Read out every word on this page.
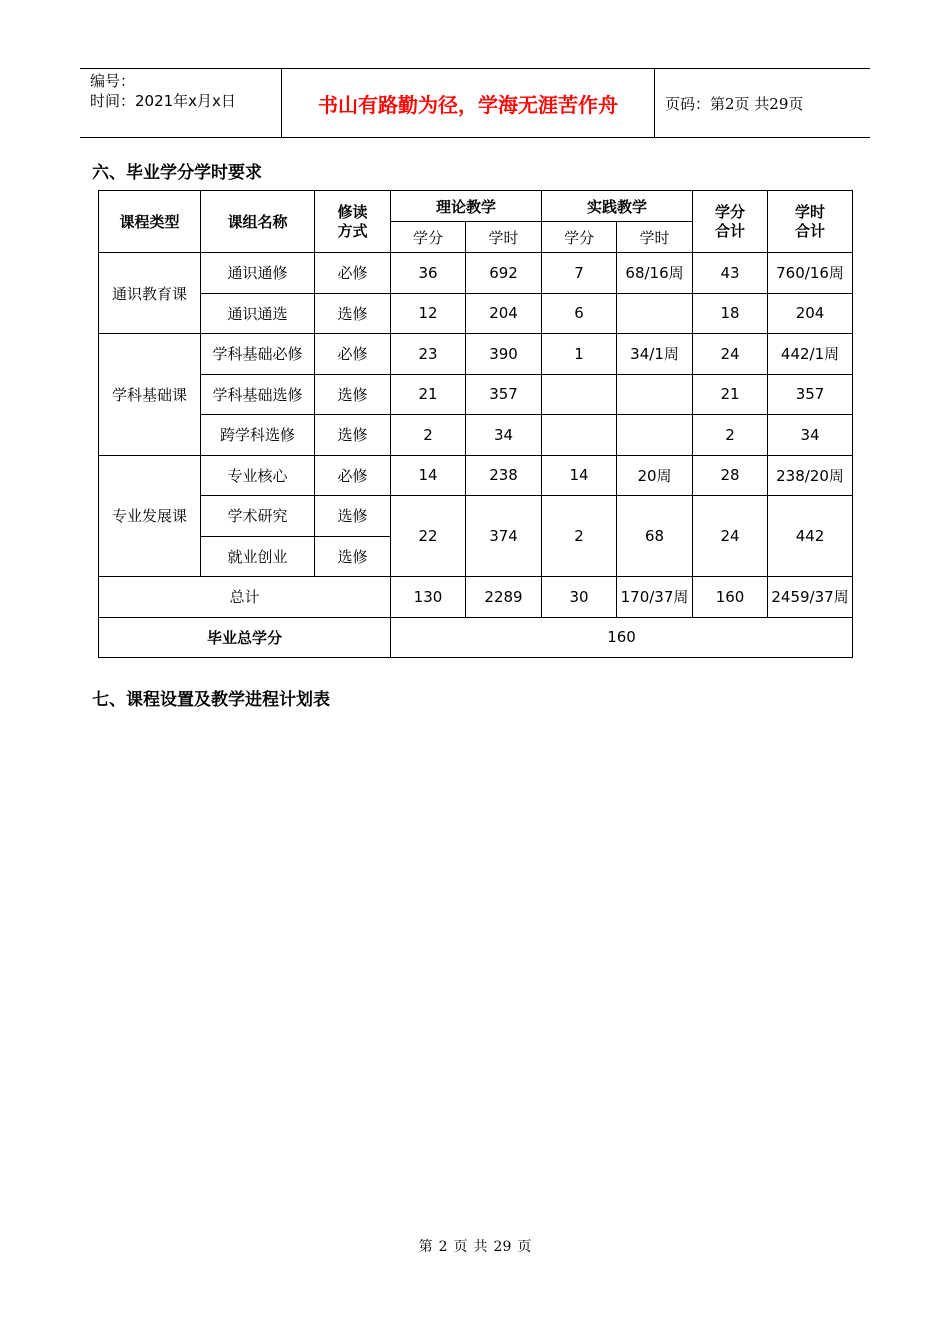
编号：
时间：2021年x月x日	书山有路勤为径，学海无涯苦作舟	页码：第2页 共29页
六、毕业学分学时要求
课程类型	课组名称	修读方式	理论教学		实践教学		学分合计	学时合计
			学分	学时	学分	学时		
通识教育课	通识通修	必修	36	692	7	68/16周	43	760/16周
	通识通选	选修	12	204	6		18	204
学科基础课	学科基础必修	必修	23	390	1	34/1周	24	442/1周
	学科基础选修	选修	21	357			21	357
	跨学科选修	选修	2	34			2	34
专业发展课	专业核心	必修	14	238	14	20周	28	238/20周
	学术研究	选修	22	374	2	68	24	442
	就业创业	选修						
总计			130	2289	30	170/37周	160	2459/37周
毕业总学分			160					
七、课程设置及教学进程计划表
第 2 页 共 29 页
